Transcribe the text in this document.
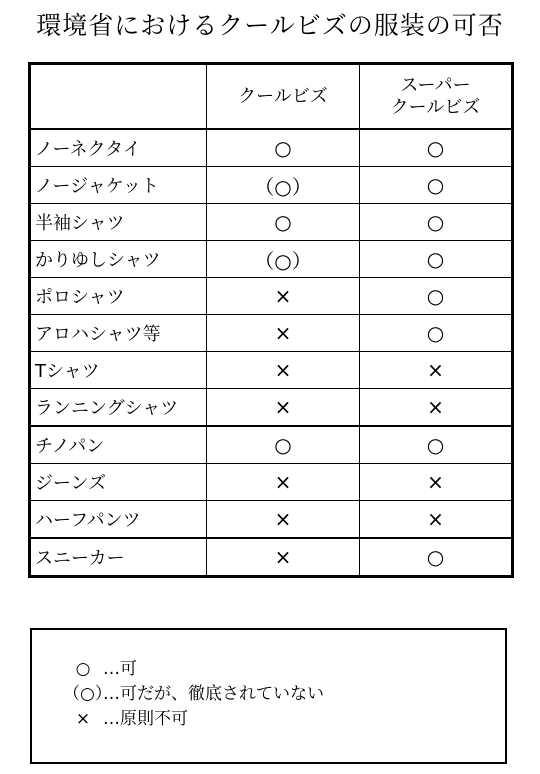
環境省におけるクールビズの服装の可否
	クールビズ	スーパー
クールビズ
ノーネクタイ	○	○
ノージャケット	（○）	○
半袖シャツ	○	○
かりゆしシャツ	（○）	○
ポロシャツ	×	○
アロハシャツ等	×	○
Tシャツ	×	×
ランニングシャツ	×	×
チノパン	○	○
ジーンズ	×	×
ハーフパンツ	×	×
スニーカー	×	○
○ …可
（○）…可だが、徹底されていない
× …原則不可
